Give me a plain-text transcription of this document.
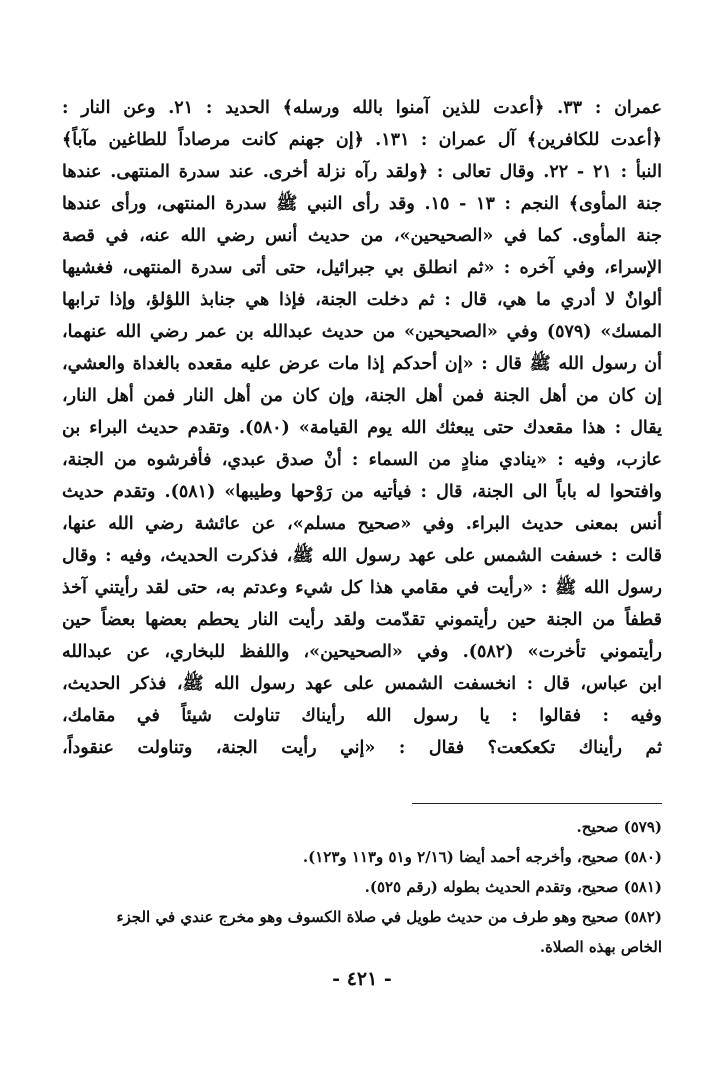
عمران : ٣٣. ﴿أعدت للذين آمنوا بالله ورسله﴾ الحديد : ٢١. وعن النار :
﴿أعدت للكافرين﴾ آل عمران : ١٣١. ﴿إن جهنم كانت مرصاداً للطاغين مآباً﴾
النبأ : ٢١ - ٢٢. وقال تعالى : ﴿ولقد رآه نزلة أخرى. عند سدرة المنتهى. عندها
جنة المأوى﴾ النجم : ١٣ - ١٥. وقد رأى النبي ﷺ سدرة المنتهى، ورأى عندها
جنة المأوى. كما في «الصحيحين»، من حديث أنس رضي الله عنه، في قصة
الإسراء، وفي آخره : «ثم انطلق بي جبرائيل، حتى أتى سدرة المنتهى، فغشيها
ألوانٌ لا أدري ما هي، قال : ثم دخلت الجنة، فإذا هي جنابذ اللؤلؤ، وإذا ترابها
المسك» (٥٧٩) وفي «الصحيحين» من حديث عبدالله بن عمر رضي الله عنهما،
أن رسول الله ﷺ قال : «إن أحدكم إذا مات عرض عليه مقعده بالغداة والعشي،
إن كان من أهل الجنة فمن أهل الجنة، وإن كان من أهل النار فمن أهل النار،
يقال : هذا مقعدك حتى يبعثك الله يوم القيامة» (٥٨٠). وتقدم حديث البراء بن
عازب، وفيه : «ينادي منادٍ من السماء : أنْ صدق عبدي، فأفرشوه من الجنة،
وافتحوا له باباً الى الجنة، قال : فيأتيه من رَوْحها وطيبها» (٥٨١). وتقدم حديث
أنس بمعنى حديث البراء. وفي «صحيح مسلم»، عن عائشة رضي الله عنها،
قالت : خسفت الشمس على عهد رسول الله ﷺ، فذكرت الحديث، وفيه : وقال
رسول الله ﷺ : «رأيت في مقامي هذا كل شيء وعدتم به، حتى لقد رأيتني آخذ
قطفاً من الجنة حين رأيتموني تقدّمت ولقد رأيت النار يحطم بعضها بعضاً حين
رأيتموني تأخرت» (٥٨٢). وفي «الصحيحين»، واللفظ للبخاري، عن عبدالله
ابن عباس، قال : انخسفت الشمس على عهد رسول الله ﷺ، فذكر الحديث،
وفيه : فقالوا : يا رسول الله رأيناك تناولت شيئاً في مقامك،
ثم رأيناك تكعكعت؟ فقال : «إني رأيت الجنة، وتناولت عنقوداً،
(٥٧٩) صحيح.
(٥٨٠) صحيح، وأخرجه أحمد أيضا (٢/١٦ و٥١ و١١٣ و١٢٣).
(٥٨١) صحيح، وتقدم الحديث بطوله (رقم ٥٢٥).
(٥٨٢) صحيح وهو طرف من حديث طويل في صلاة الكسوف وهو مخرج عندي في الجزء
الخاص بهذه الصلاة.
- ٤٢١ -
